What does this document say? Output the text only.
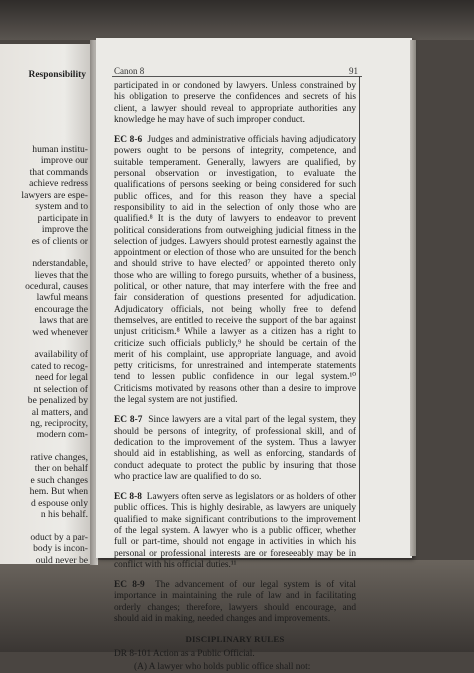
Responsibility
human institu-
improve our
that commands
achieve redress
lawyers are espe-
system and to
participate in
improve the
es of clients or
nderstandable,
lieves that the
ocedural, causes
lawful means
encourage the
laws that are
wed whenever
availability of
cated to recog-
need for legal
nt selection of
be penalized by
al matters, and
ng, reciprocity,
modern com-
rative changes,
ther on behalf
e such changes
hem. But when
d espouse only
n his behalf.
oduct by a par-
body is incon-
ould never be
Canon 8	91

participated in or condoned by lawyers. Unless constrained by his obligation to preserve the confidences and secrets of his client, a lawyer should reveal to appropriate authorities any knowledge he may have of such improper conduct.

EC 8-6 Judges and administrative officials having adjudicatory powers ought to be persons of integrity, competence, and suitable temperament. Generally, lawyers are qualified, by personal observation or investigation, to evaluate the qualifications of persons seeking or being considered for such public offices, and for this reason they have a special responsibility to aid in the selection of only those who are qualified.⁸ It is the duty of lawyers to endeavor to prevent political considerations from outweighing judicial fitness in the selection of judges. Lawyers should protest earnestly against the appointment or election of those who are unsuited for the bench and should strive to have elected⁷ or appointed thereto only those who are willing to forego pursuits, whether of a business, political, or other nature, that may interfere with the free and fair consideration of questions presented for adjudication. Adjudicatory officials, not being wholly free to defend themselves, are entitled to receive the support of the bar against unjust criticism.⁸ While a lawyer as a citizen has a right to criticize such officials publicly,⁹ he should be certain of the merit of his complaint, use appropriate language, and avoid petty criticisms, for unrestrained and intemperate statements tend to lessen public confidence in our legal system.¹⁰ Criticisms motivated by reasons other than a desire to improve the legal system are not justified.

EC 8-7 Since lawyers are a vital part of the legal system, they should be persons of integrity, of professional skill, and of dedication to the improvement of the system. Thus a lawyer should aid in establishing, as well as enforcing, standards of conduct adequate to protect the public by insuring that those who practice law are qualified to do so.

EC 8-8 Lawyers often serve as legislators or as holders of other public offices. This is highly desirable, as lawyers are uniquely qualified to make significant contributions to the improvement of the legal system. A lawyer who is a public officer, whether full or part-time, should not engage in activities in which his personal or professional interests are or foreseeably may be in conflict with his official duties.¹¹

EC 8-9 The advancement of our legal system is of vital importance in maintaining the rule of law and in facilitating orderly changes; therefore, lawyers should encourage, and should aid in making, needed changes and improvements.

DISCIPLINARY RULES

DR 8-101 Action as a Public Official.

(A) A lawyer who holds public office shall not:
